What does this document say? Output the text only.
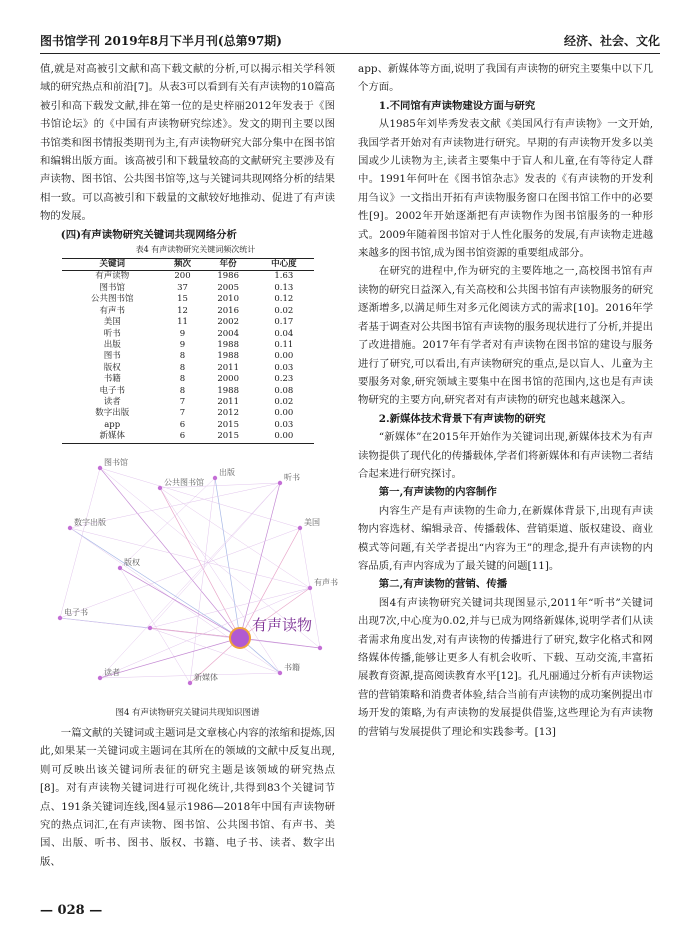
图书馆学刊 2019年8月下半月刊(总第97期)	经济、社会、文化

值,就是对高被引文献和高下载文献的分析,可以揭示相关学科领域的研究热点和前沿[7]。从表3可以看到有关有声读物的10篇高被引和高下载发文献,排在第一位的是史梓丽2012年发表于《图书馆论坛》的《中国有声读物研究综述》。发文的期刊主要以图书馆类和图书情报类期刊为主,有声读物研究大部分集中在图书馆和编辑出版方面。该高被引和下载量较高的文献研究主要涉及有声读物、图书馆、公共图书馆等,这与关键词共现网络分析的结果相一致。可以高被引和下载量的文献较好地推动、促进了有声读物的发展。

(四)有声读物研究关键词共现网络分析

表4 有声读物研究关键词频次统计

关键词	频次	年份	中心度
有声读物	200	1986	1.63
图书馆	37	2005	0.13
公共图书馆	15	2010	0.12
有声书	12	2016	0.02
美国	11	2002	0.17
听书	9	2004	0.04
出版	9	1988	0.11
图书	8	1988	0.00
版权	8	2011	0.03
书籍	8	2000	0.23
电子书	8	1988	0.08
读者	7	2011	0.02
数字出版	7	2012	0.00
app	6	2015	0.03
新媒体	6	2015	0.00
有声读物
图书馆
公共图书馆
出版
听书
美国
数字出版
版权
有声书
电子书
读者
新媒体
书籍
图4 有声读物研究关键词共现知识图谱

一篇文献的关键词或主题词是文章核心内容的浓缩和提炼,因此,如果某一关键词或主题词在其所在的领域的文献中反复出现,则可反映出该关键词所表征的研究主题是该领域的研究热点[8]。对有声读物关键词进行可视化统计,共得到83个关键词节点、191条关键词连线,图4显示1986—2018年中国有声读物研究的热点词汇,在有声读物、图书馆、公共图书馆、有声书、美国、出版、听书、图书、版权、书籍、电子书、读者、数字出版、

app、新媒体等方面,说明了我国有声读物的研究主要集中以下几个方面。

1.不同馆有声读物建设方面与研究

从1985年刘毕秀发表文献《美国风行有声读物》一文开始,我国学者开始对有声读物进行研究。早期的有声读物开发多以美国或少儿读物为主,读者主要集中于盲人和儿童,在有等待定人群中。1991年何叶在《图书馆杂志》发表的《有声读物的开发利用刍议》一文指出开拓有声读物服务窗口在图书馆工作中的必要性[9]。2002年开始逐渐把有声读物作为图书馆服务的一种形式。2009年随着图书馆对于人性化服务的发展,有声读物走进越来越多的图书馆,成为图书馆资源的重要组成部分。

在研究的进程中,作为研究的主要阵地之一,高校图书馆有声读物的研究日益深入,有关高校和公共图书馆有声读物服务的研究逐渐增多,以满足师生对多元化阅读方式的需求[10]。2016年学者基于调查对公共图书馆有声读物的服务现状进行了分析,并提出了改进措施。2017年有学者对有声读物在图书馆的建设与服务进行了研究,可以看出,有声读物研究的重点,是以盲人、儿童为主要服务对象,研究领域主要集中在图书馆的范围内,这也是有声读物研究的主要方向,研究者对有声读物的研究也越来越深入。

2.新媒体技术背景下有声读物的研究

“新媒体”在2015年开始作为关键词出现,新媒体技术为有声读物提供了现代化的传播载体,学者们将新媒体和有声读物二者结合起来进行研究探讨。

第一,有声读物的内容制作

内容生产是有声读物的生命力,在新媒体背景下,出现有声读物内容选材、编辑录音、传播载体、营销渠道、版权建设、商业模式等问题,有关学者提出“内容为王”的理念,提升有声读物的内容品质,有声内容成为了最关键的问题[11]。

第二,有声读物的营销、传播

图4有声读物研究关键词共现图显示,2011年“听书”关键词出现7次,中心度为0.02,并与已成为网络新媒体,说明学者们从读者需求角度出发,对有声读物的传播进行了研究,数字化格式和网络媒体传播,能够让更多人有机会收听、下载、互动交流,丰富拓展教育资源,提高阅读教育水平[12]。孔凡丽通过分析有声读物运营的营销策略和消费者体验,结合当前有声读物的成功案例提出市场开发的策略,为有声读物的发展提供借鉴,这些理论为有声读物的营销与发展提供了理论和实践参考。[13]

— 028 —
